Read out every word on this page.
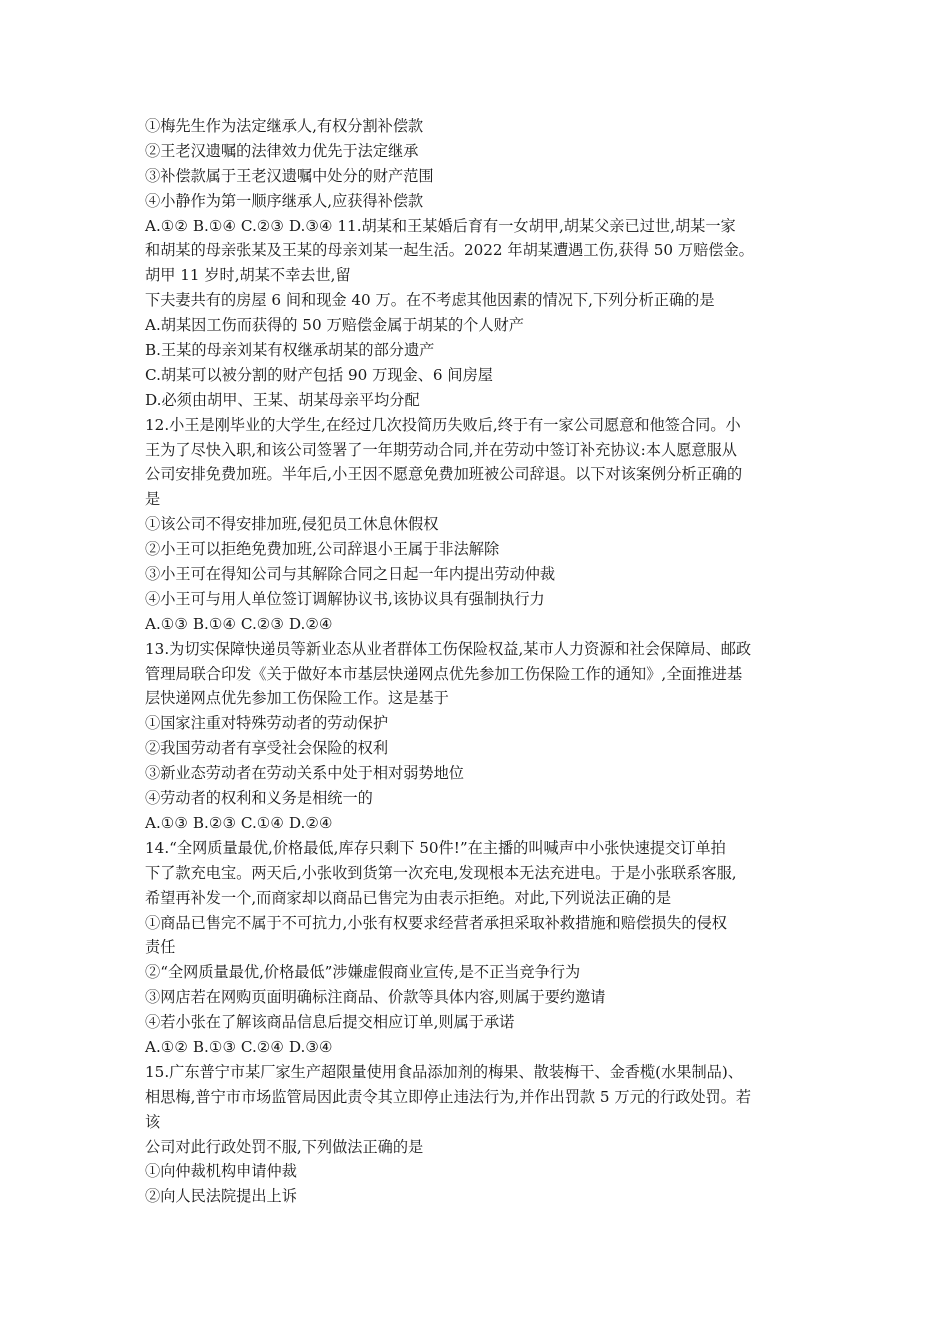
①梅先生作为法定继承人,有权分割补偿款
②王老汉遗嘱的法律效力优先于法定继承
③补偿款属于王老汉遗嘱中处分的财产范围
④小静作为第一顺序继承人,应获得补偿款
A.①② B.①④ C.②③ D.③④ 11.胡某和王某婚后育有一女胡甲,胡某父亲已过世,胡某一家
和胡某的母亲张某及王某的母亲刘某一起生活。2022 年胡某遭遇工伤,获得 50 万赔偿金。
胡甲 11 岁时,胡某不幸去世,留
下夫妻共有的房屋 6 间和现金 40 万。在不考虑其他因素的情况下,下列分析正确的是
A.胡某因工伤而获得的 50 万赔偿金属于胡某的个人财产
B.王某的母亲刘某有权继承胡某的部分遗产
C.胡某可以被分割的财产包括 90 万现金、6 间房屋
D.必须由胡甲、王某、胡某母亲平均分配
12.小王是刚毕业的大学生,在经过几次投简历失败后,终于有一家公司愿意和他签合同。小
王为了尽快入职,和该公司签署了一年期劳动合同,并在劳动中签订补充协议:本人愿意服从
公司安排免费加班。半年后,小王因不愿意免费加班被公司辞退。以下对该案例分析正确的
是
①该公司不得安排加班,侵犯员工休息休假权
②小王可以拒绝免费加班,公司辞退小王属于非法解除
③小王可在得知公司与其解除合同之日起一年内提出劳动仲裁
④小王可与用人单位签订调解协议书,该协议具有强制执行力
A.①③ B.①④ C.②③ D.②④
13.为切实保障快递员等新业态从业者群体工伤保险权益,某市人力资源和社会保障局、邮政
管理局联合印发《关于做好本市基层快递网点优先参加工伤保险工作的通知》,全面推进基
层快递网点优先参加工伤保险工作。这是基于
①国家注重对特殊劳动者的劳动保护
②我国劳动者有享受社会保险的权利
③新业态劳动者在劳动关系中处于相对弱势地位
④劳动者的权利和义务是相统一的
A.①③ B.②③ C.①④ D.②④
14.“全网质量最优,价格最低,库存只剩下 50件!”在主播的叫喊声中小张快速提交订单拍
下了款充电宝。两天后,小张收到货第一次充电,发现根本无法充进电。于是小张联系客服,
希望再补发一个,而商家却以商品已售完为由表示拒绝。对此,下列说法正确的是
①商品已售完不属于不可抗力,小张有权要求经营者承担采取补救措施和赔偿损失的侵权
责任
②“全网质量最优,价格最低”涉嫌虚假商业宣传,是不正当竞争行为
③网店若在网购页面明确标注商品、价款等具体内容,则属于要约邀请
④若小张在了解该商品信息后提交相应订单,则属于承诺
A.①② B.①③ C.②④ D.③④
15.广东普宁市某厂家生产超限量使用食品添加剂的梅果、散装梅干、金香榄(水果制品)、
相思梅,普宁市市场监管局因此责令其立即停止违法行为,并作出罚款 5 万元的行政处罚。若
该
公司对此行政处罚不服,下列做法正确的是
①向仲裁机构申请仲裁
②向人民法院提出上诉
